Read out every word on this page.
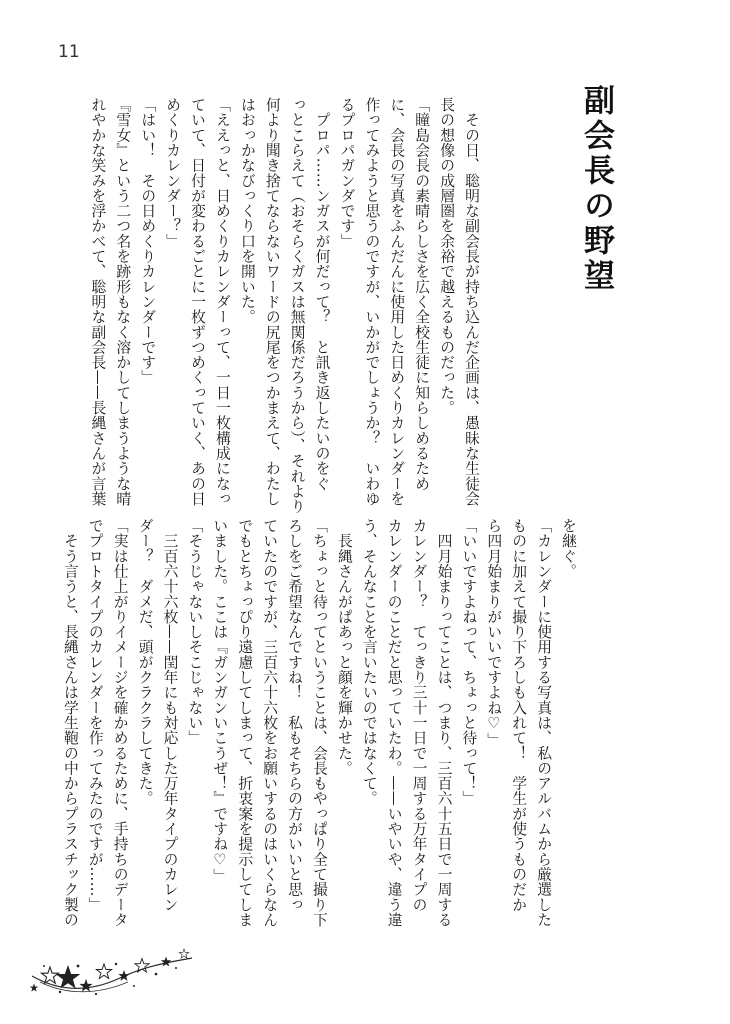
11
副会長の野望
　その日、聡明な副会長が持ち込んだ企画は、愚昧な生徒会
長の想像の成層圏を余裕で越えるものだった。
「瞳島会長の素晴らしさを広く全校生徒に知らしめるため
に、会長の写真をふんだんに使用した日めくりカレンダーを
作ってみようと思うのですが、いかがでしょうか？　いわゆ
るプロパガンダです」
　プロパ……ンガスが何だって？　と訊き返したいのをぐ
っとこらえて（おそらくガスは無関係だろうから）、それより
何より聞き捨てならないワードの尻尾をつかまえて、わたし
はおっかなびっくり口を開いた。
「ええっと、日めくりカレンダーって、一日一枚構成になっ
ていて、日付が変わるごとに一枚ずつめくっていく、あの日
めくりカレンダー？」
「はい！　その日めくりカレンダーです」
『雪女』という二つ名を跡形もなく溶かしてしまうような晴
れやかな笑みを浮かべて、聡明な副会長——長縄さんが言葉
を継ぐ。
「カレンダーに使用する写真は、私のアルバムから厳選した
ものに加えて撮り下ろしも入れて！　学生が使うものだか
ら四月始まりがいいですよね♡」
「いいですよねって、ちょっと待って！」
　四月始まりってことは、つまり、三百六十五日で一周する
カレンダー？　てっきり三十一日で一周する万年タイプの
カレンダーのことだと思っていたわ。——いやいや、違う違
う、そんなことを言いたいのではなくて。
　長縄さんがぱあっと顔を輝かせた。
「ちょっと待ってということは、会長もやっぱり全て撮り下
ろしをご希望なんですね！　私もそちらの方がいいと思っ
ていたのですが、三百六十六枚をお願いするのはいくらなん
でもとちょっぴり遠慮してしまって、折衷案を提示してしま
いました。ここは『ガンガンいこうぜ！』ですね♡」
「そうじゃないしそこじゃない」
　三百六十六枚——閏年にも対応した万年タイプのカレン
ダー？　ダメだ、頭がクラクラしてきた。
「実は仕上がりイメージを確かめるために、手持ちのデータ
でプロトタイプのカレンダーを作ってみたのですが……」
　そう言うと、長縄さんは学生鞄の中からプラスチック製の
